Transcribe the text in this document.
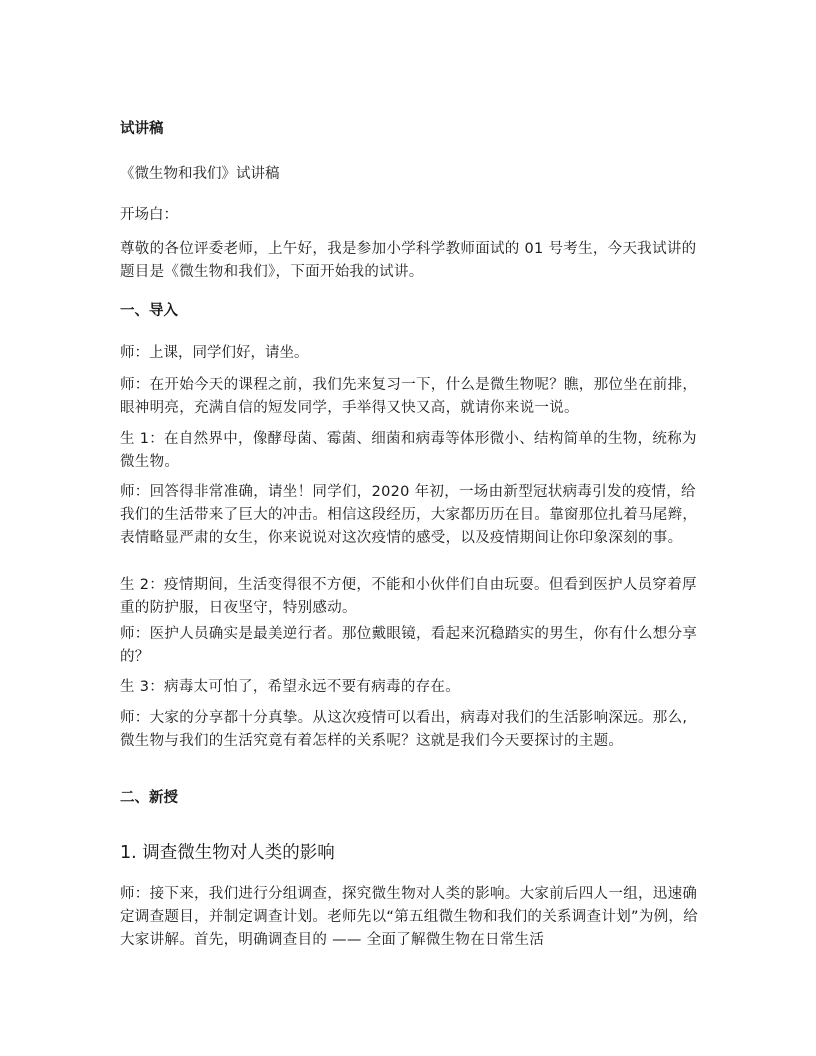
试讲稿

《微生物和我们》试讲稿

开场白：

尊敬的各位评委老师，上午好，我是参加小学科学教师面试的 01 号考生，今天我试讲的题目是《微生物和我们》，下面开始我的试讲。

一、导入

师：上课，同学们好，请坐。

师：在开始今天的课程之前，我们先来复习一下，什么是微生物呢？瞧，那位坐在前排，眼神明亮，充满自信的短发同学，手举得又快又高，就请你来说一说。

生 1：在自然界中，像酵母菌、霉菌、细菌和病毒等体形微小、结构简单的生物，统称为微生物。

师：回答得非常准确，请坐！同学们，2020 年初，一场由新型冠状病毒引发的疫情，给我们的生活带来了巨大的冲击。相信这段经历，大家都历历在目。靠窗那位扎着马尾辫，表情略显严肃的女生，你来说说对这次疫情的感受，以及疫情期间让你印象深刻的事。

生 2：疫情期间，生活变得很不方便，不能和小伙伴们自由玩耍。但看到医护人员穿着厚重的防护服，日夜坚守，特别感动。

师：医护人员确实是最美逆行者。那位戴眼镜，看起来沉稳踏实的男生，你有什么想分享的？

生 3：病毒太可怕了，希望永远不要有病毒的存在。

师：大家的分享都十分真挚。从这次疫情可以看出，病毒对我们的生活影响深远。那么,微生物与我们的生活究竟有着怎样的关系呢？这就是我们今天要探讨的主题。

二、新授

1. 调查微生物对人类的影响

师：接下来，我们进行分组调查，探究微生物对人类的影响。大家前后四人一组，迅速确定调查题目，并制定调查计划。老师先以“第五组微生物和我们的关系调查计划”为例，给大家讲解。首先，明确调查目的 —— 全面了解微生物在日常生活
